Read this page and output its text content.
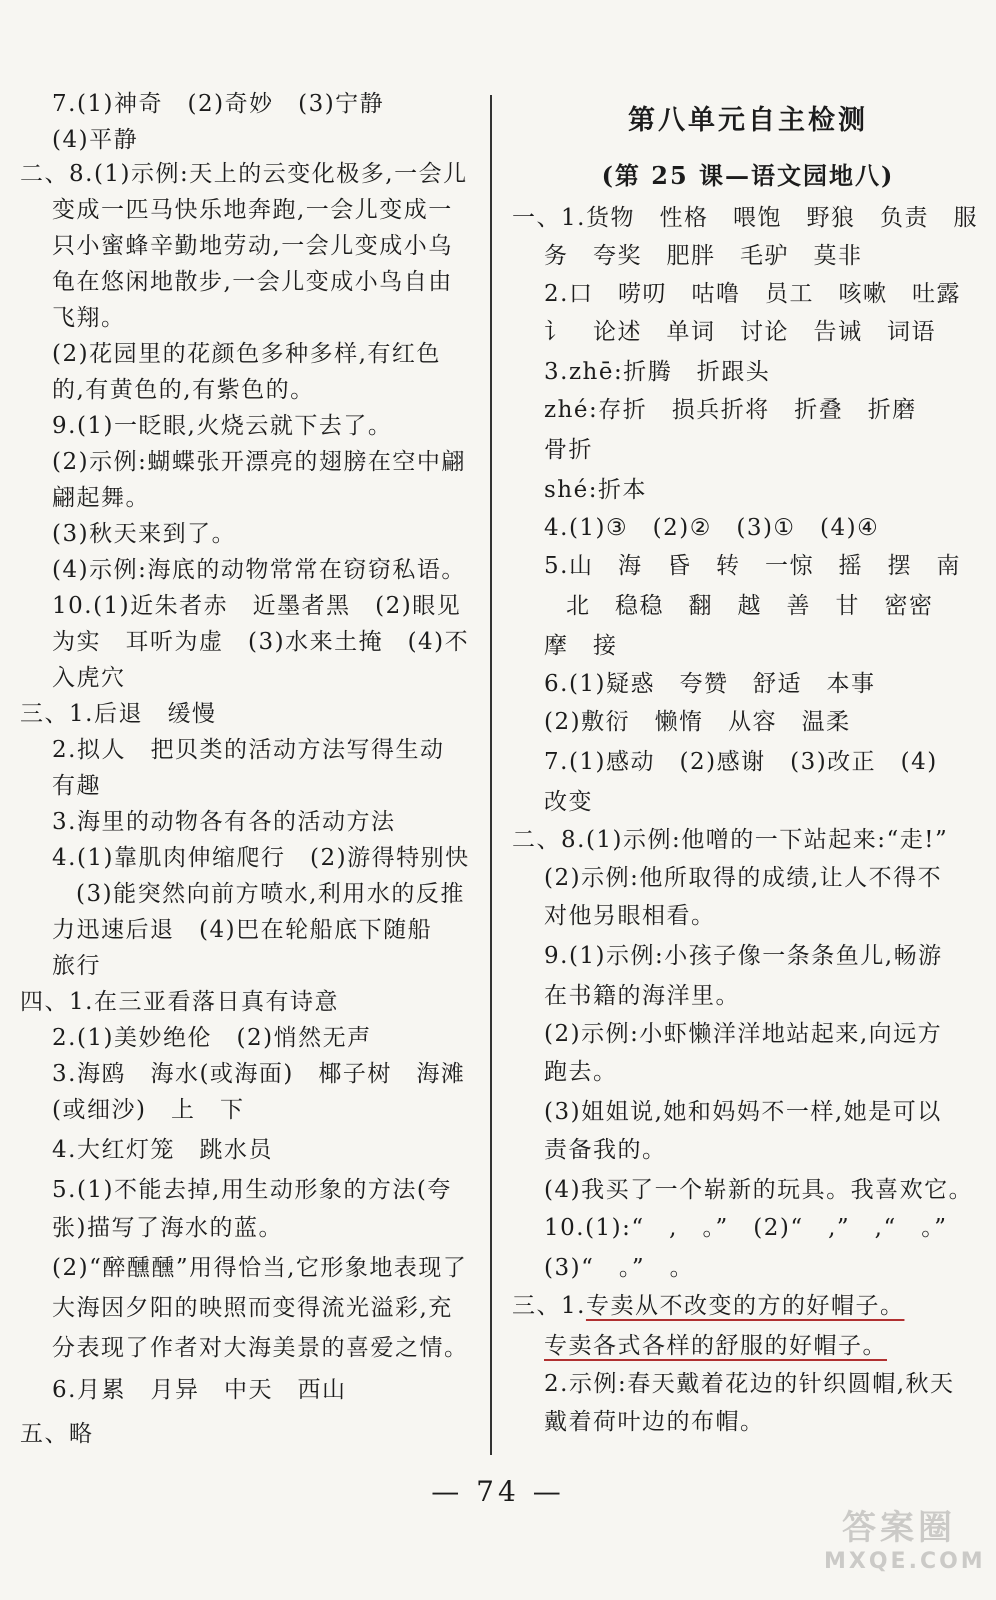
7.(1)神奇　(2)奇妙　(3)宁静
(4)平静
二、8.(1)示例:天上的云变化极多,一会儿
变成一匹马快乐地奔跑,一会儿变成一
只小蜜蜂辛勤地劳动,一会儿变成小乌
龟在悠闲地散步,一会儿变成小鸟自由
飞翔。
(2)花园里的花颜色多种多样,有红色
的,有黄色的,有紫色的。
9.(1)一眨眼,火烧云就下去了。
(2)示例:蝴蝶张开漂亮的翅膀在空中翩
翩起舞。
(3)秋天来到了。
(4)示例:海底的动物常常在窃窃私语。
10.(1)近朱者赤　近墨者黑　(2)眼见
为实　耳听为虚　(3)水来土掩　(4)不
入虎穴
三、1.后退　缓慢
2.拟人　把贝类的活动方法写得生动
有趣
3.海里的动物各有各的活动方法
4.(1)靠肌肉伸缩爬行　(2)游得特别快
(3)能突然向前方喷水,利用水的反推
力迅速后退　(4)巴在轮船底下随船
旅行
四、1.在三亚看落日真有诗意
2.(1)美妙绝伦　(2)悄然无声
3.海鸥　海水(或海面)　椰子树　海滩
(或细沙)　上　下
4.大红灯笼　跳水员
5.(1)不能去掉,用生动形象的方法(夸
张)描写了海水的蓝。
(2)“醉醺醺”用得恰当,它形象地表现了
大海因夕阳的映照而变得流光溢彩,充
分表现了作者对大海美景的喜爱之情。
6.月累　月异　中天　西山
五、略
第八单元自主检测
(第 25 课—语文园地八)
一、1.货物　性格　喂饱　野狼　负责　服
务　夸奖　肥胖　毛驴　莫非
2.口　唠叨　咕噜　员工　咳嗽　吐露
讠　论述　单词　讨论　告诫　词语
3.zhē:折腾　折跟头
zhé:存折　损兵折将　折叠　折磨
骨折
shé:折本
4.(1)③　(2)②　(3)①　(4)④
5.山　海　昏　转　一惊　摇　摆　南
北　稳稳　翻　越　善　甘　密密
摩　接
6.(1)疑惑　夸赞　舒适　本事
(2)敷衍　懒惰　从容　温柔
7.(1)感动　(2)感谢　(3)改正　(4)
改变
二、8.(1)示例:他噌的一下站起来:“走!”
(2)示例:他所取得的成绩,让人不得不
对他另眼相看。
9.(1)示例:小孩子像一条条鱼儿,畅游
在书籍的海洋里。
(2)示例:小虾懒洋洋地站起来,向远方
跑去。
(3)姐姐说,她和妈妈不一样,她是可以
责备我的。
(4)我买了一个崭新的玩具。我喜欢它。
10.(1):“　,　。”　(2)“　,”　,“　。”
(3)“　。”　。
三、1.专卖从不改变的方的好帽子。
专卖各式各样的舒服的好帽子。
2.示例:春天戴着花边的针织圆帽,秋天
戴着荷叶边的布帽。
— 74 —
答案圈
MXQE.COM
